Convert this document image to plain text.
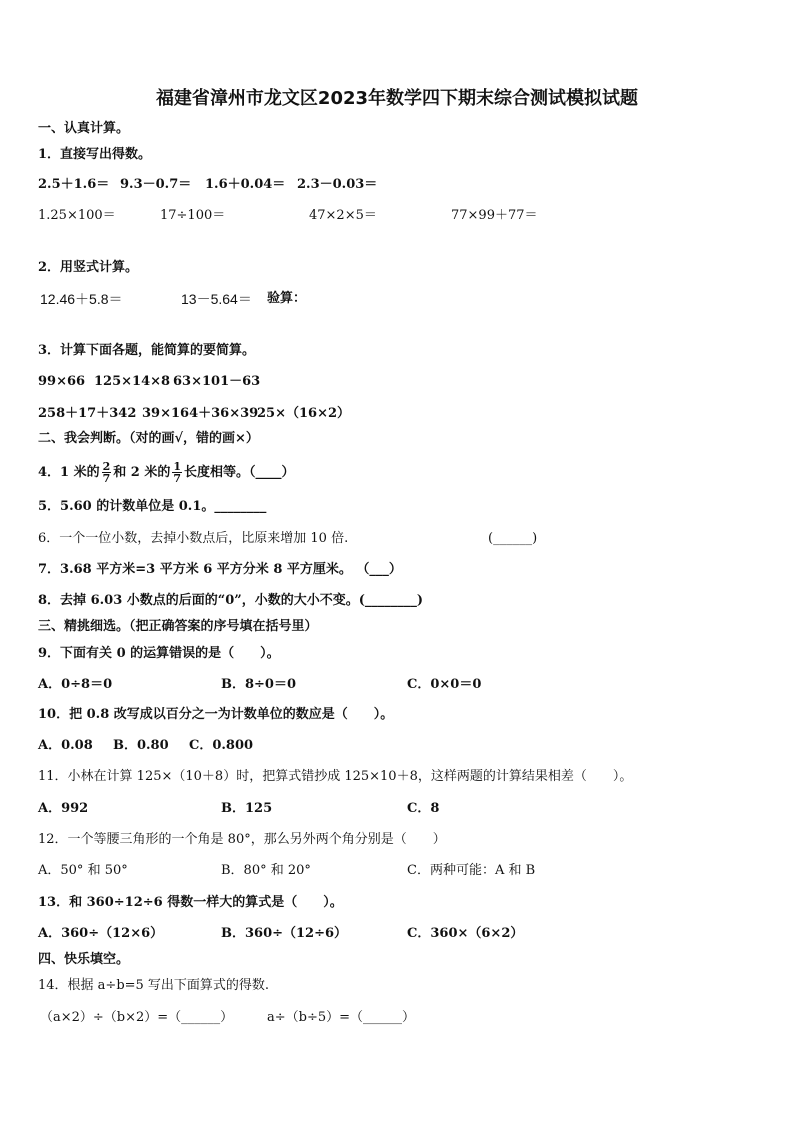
福建省漳州市龙文区2023年数学四下期末综合测试模拟试题
一、认真计算。
1．直接写出得数。
2.5＋1.6＝ 9.3－0.7＝ 1.6＋0.04＝ 2.3－0.03＝
1.25×100＝	17÷100＝	47×2×5＝	77×99＋77＝
2．用竖式计算。
12.46＋5.8＝	13－5.64＝ 验算：
3．计算下面各题，能简算的要简算。
99×66 125×14×8 63×101－63
258＋17＋342 39×164＋36×39
25×（16×2）
二、我会判断。（对的画√，错的画×）
4．1 米的 $\frac{2}{7}$ 和 2 米的 $\frac{1}{7}$ 长度相等。（____）
5．5.60 的计数单位是 0.1。________
6．一个一位小数，去掉小数点后，比原来增加 10 倍.	(______)
7．3.68 平方米=3 平方米 6 平方分米 8 平方厘米。 （___）
8．去掉 6.03 小数点的后面的“0”，小数的大小不变。(________)
三、精挑细选。（把正确答案的序号填在括号里）
9．下面有关 0 的运算错误的是（　　）。
A．0÷8＝0	B．8÷0＝0	C．0×0＝0
10．把 0.8 改写成以百分之一为计数单位的数应是（　　）。
A．0.08 B．0.80 C．0.800
11．小林在计算 125×（10＋8）时，把算式错抄成 125×10＋8，这样两题的计算结果相差（　　）。
A．992	B．125	C．8
12．一个等腰三角形的一个角是 80°，那么另外两个角分别是（　　）
A．50° 和 50°	B．80° 和 20°	C．两种可能：A 和 B
13．和 360÷12÷6 得数一样大的算式是（　　）。
A．360÷（12×6）	B．360÷（12÷6）	C．360×（6×2）
四、快乐填空。
14．根据 a÷b=5 写出下面算式的得数.
（a×2）÷（b×2）=（______）	a÷（b÷5）=（______）
